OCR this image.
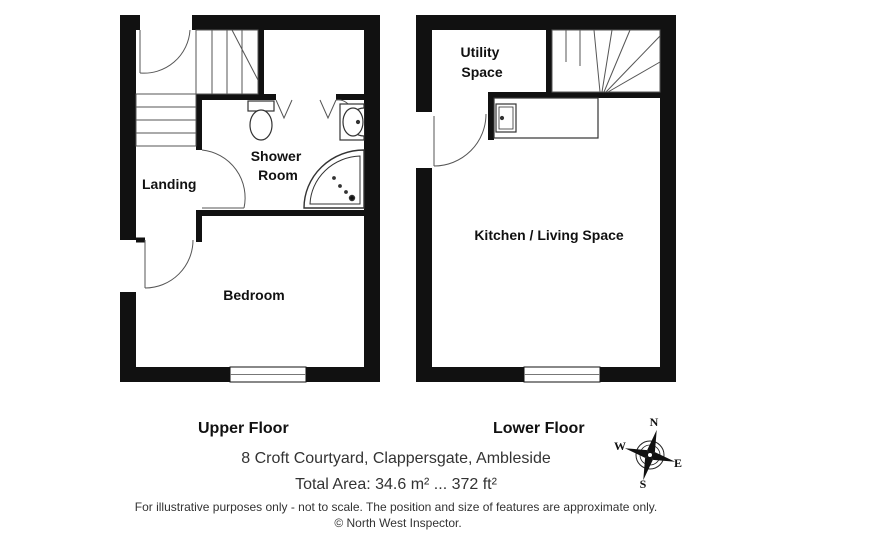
Landing
Shower
Room
Bedroom
Utility
Space
Kitchen / Living Space
N
E
S
W
Upper Floor	Lower Floor
8 Croft Courtyard, Clappersgate, Ambleside
Total Area: 34.6 m² ... 372 ft²
For illustrative purposes only - not to scale. The position and size of features are approximate only.
© North West Inspector.
